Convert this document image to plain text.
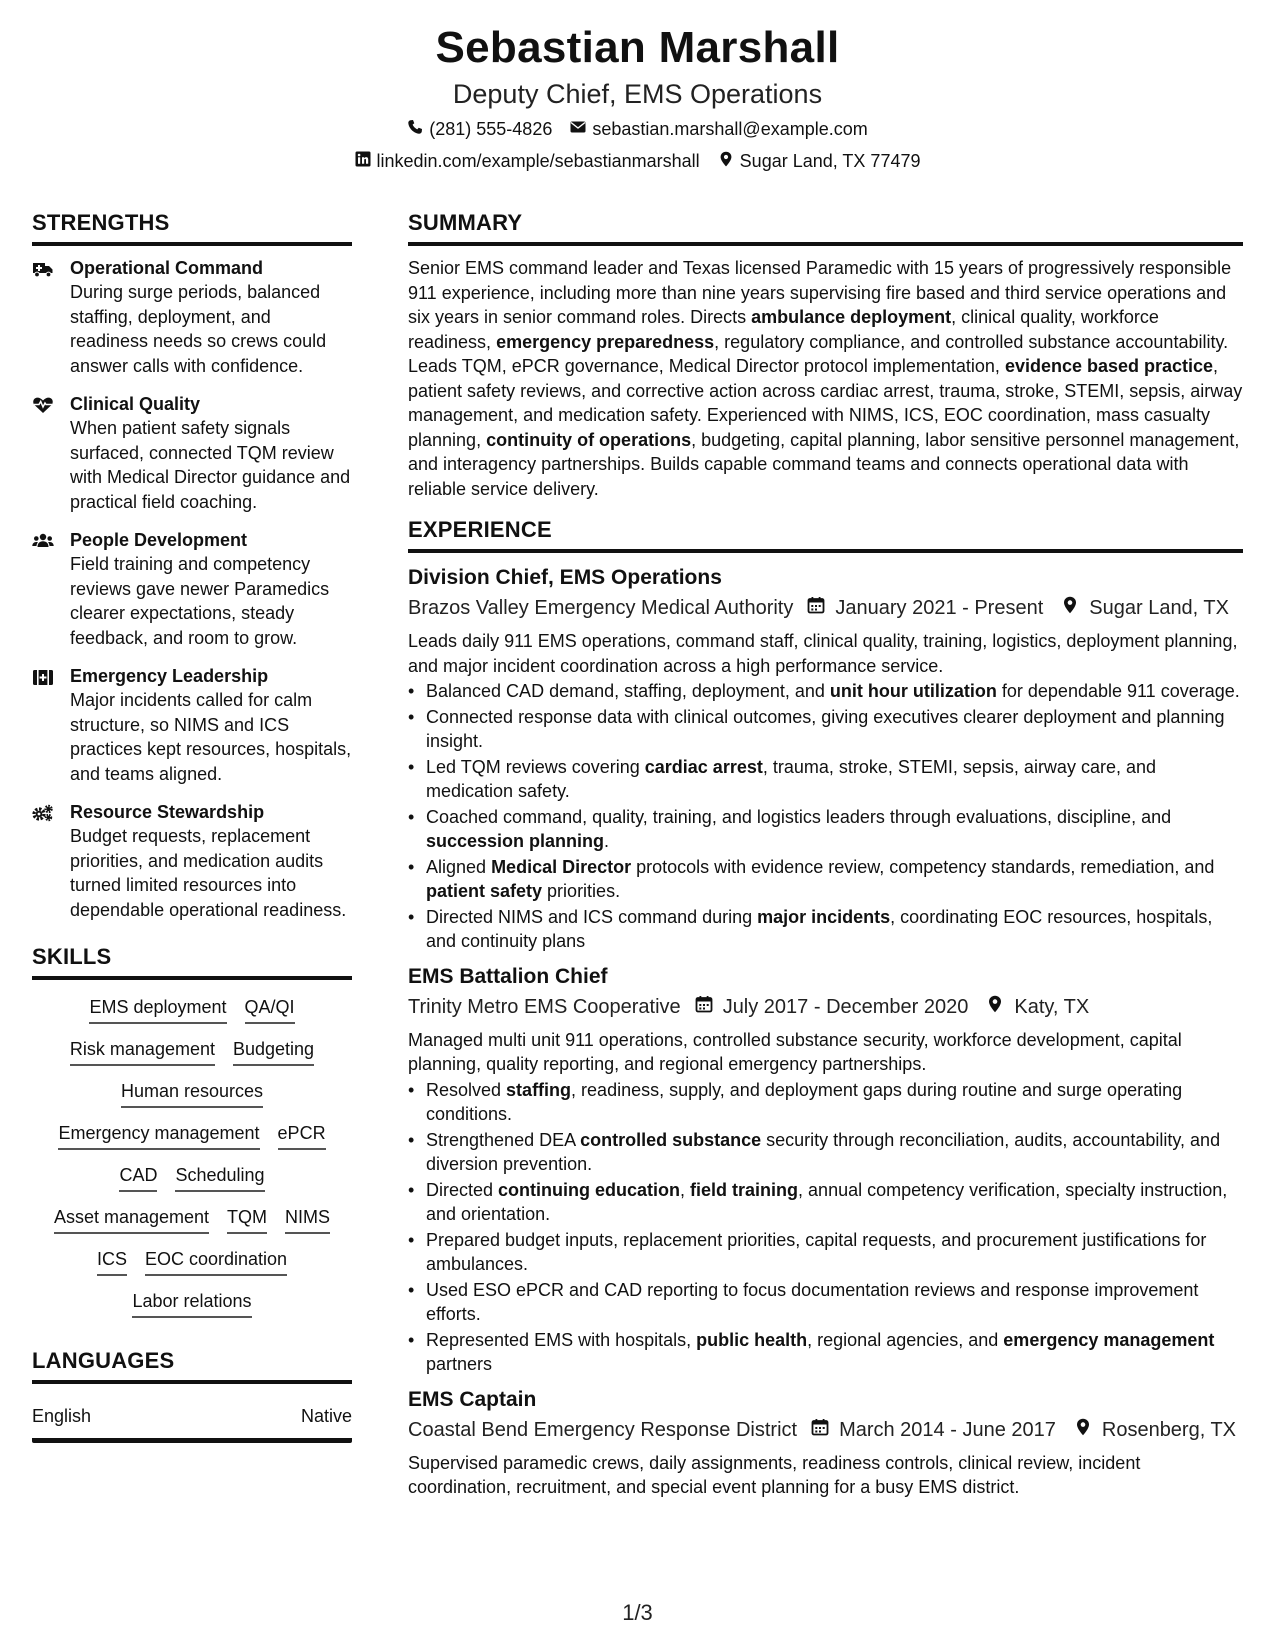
Sebastian Marshall
Deputy Chief, EMS Operations
(281) 555-4826 sebastian.marshall@example.com
linkedin.com/example/sebastianmarshall Sugar Land, TX 77479
STRENGTHS
Operational Command
During surge periods, balanced staffing, deployment, and readiness needs so crews could answer calls with confidence.
Clinical Quality
When patient safety signals surfaced, connected TQM review with Medical Director guidance and practical field coaching.
People Development
Field training and competency reviews gave newer Paramedics clearer expectations, steady feedback, and room to grow.
Emergency Leadership
Major incidents called for calm structure, so NIMS and ICS practices kept resources, hospitals, and teams aligned.
Resource Stewardship
Budget requests, replacement priorities, and medication audits turned limited resources into dependable operational readiness.
SKILLS
EMS deployment QA/QI
Risk management Budgeting
Human resources
Emergency management ePCR
CAD Scheduling
Asset management TQM NIMS
ICS EOC coordination
Labor relations
LANGUAGES
English	Native
SUMMARY

Senior EMS command leader and Texas licensed Paramedic with 15 years of progressively responsible 911 experience, including more than nine years supervising fire based and third service operations and six years in senior command roles. Directs ambulance deployment, clinical quality, workforce readiness, emergency preparedness, regulatory compliance, and controlled substance accountability. Leads TQM, ePCR governance, Medical Director protocol implementation, evidence based practice, patient safety reviews, and corrective action across cardiac arrest, trauma, stroke, STEMI, sepsis, airway management, and medication safety. Experienced with NIMS, ICS, EOC coordination, mass casualty planning, continuity of operations, budgeting, capital planning, labor sensitive personnel management, and interagency partnerships. Builds capable command teams and connects operational data with reliable service delivery.

EXPERIENCE
Division Chief, EMS Operations
Brazos Valley Emergency Medical Authority January 2021 - Present Sugar Land, TX

Leads daily 911 EMS operations, command staff, clinical quality, training, logistics, deployment planning, and major incident coordination across a high performance service.

• Balanced CAD demand, staffing, deployment, and unit hour utilization for dependable 911 coverage.
• Connected response data with clinical outcomes, giving executives clearer deployment and planning insight.
• Led TQM reviews covering cardiac arrest, trauma, stroke, STEMI, sepsis, airway care, and medication safety.
• Coached command, quality, training, and logistics leaders through evaluations, discipline, and succession planning.
• Aligned Medical Director protocols with evidence review, competency standards, remediation, and patient safety priorities.
• Directed NIMS and ICS command during major incidents, coordinating EOC resources, hospitals, and continuity plans
EMS Battalion Chief
Trinity Metro EMS Cooperative July 2017 - December 2020 Katy, TX

Managed multi unit 911 operations, controlled substance security, workforce development, capital planning, quality reporting, and regional emergency partnerships.

• Resolved staffing, readiness, supply, and deployment gaps during routine and surge operating conditions.
• Strengthened DEA controlled substance security through reconciliation, audits, accountability, and diversion prevention.
• Directed continuing education, field training, annual competency verification, specialty instruction, and orientation.
• Prepared budget inputs, replacement priorities, capital requests, and procurement justifications for ambulances.
• Used ESO ePCR and CAD reporting to focus documentation reviews and response improvement efforts.
• Represented EMS with hospitals, public health, regional agencies, and emergency management partners
EMS Captain
Coastal Bend Emergency Response District March 2014 - June 2017 Rosenberg, TX

Supervised paramedic crews, daily assignments, readiness controls, clinical review, incident coordination, recruitment, and special event planning for a busy EMS district.

1/3
